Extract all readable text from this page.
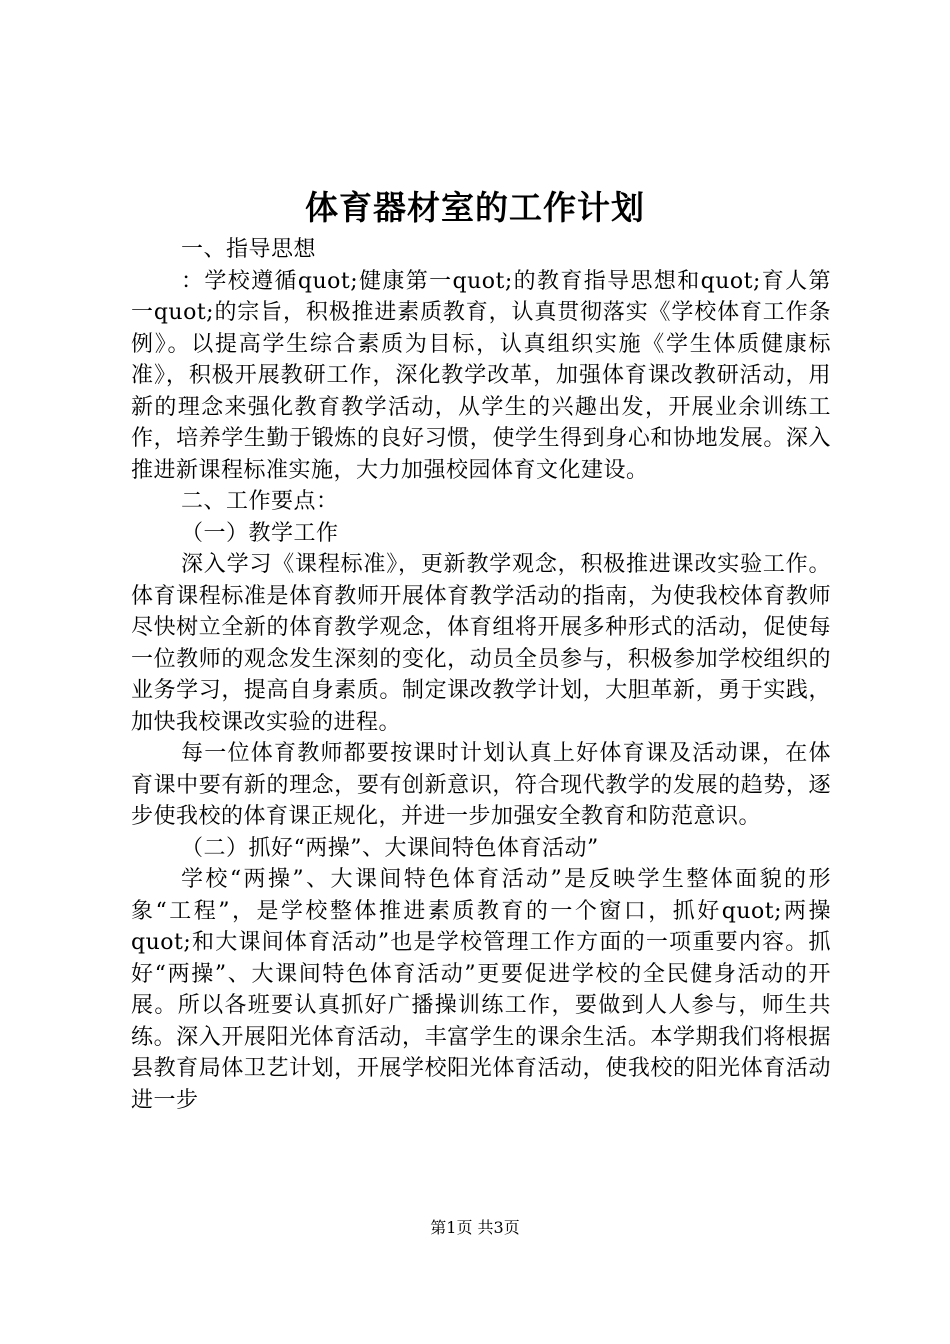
体育器材室的工作计划

一、指导思想

：学校遵循quot;健康第一quot;的教育指导思想和quot;育人第一quot;的宗旨，积极推进素质教育，认真贯彻落实《学校体育工作条例》。以提高学生综合素质为目标，认真组织实施《学生体质健康标准》，积极开展教研工作，深化教学改革，加强体育课改教研活动，用新的理念来强化教育教学活动，从学生的兴趣出发，开展业余训练工作，培养学生勤于锻炼的良好习惯，使学生得到身心和协地发展。深入推进新课程标准实施，大力加强校园体育文化建设。

二、工作要点：

（一）教学工作

深入学习《课程标准》，更新教学观念，积极推进课改实验工作。体育课程标准是体育教师开展体育教学活动的指南，为使我校体育教师尽快树立全新的体育教学观念，体育组将开展多种形式的活动，促使每一位教师的观念发生深刻的变化，动员全员参与，积极参加学校组织的业务学习，提高自身素质。制定课改教学计划，大胆革新，勇于实践，加快我校课改实验的进程。

每一位体育教师都要按课时计划认真上好体育课及活动课，在体育课中要有新的理念，要有创新意识，符合现代教学的发展的趋势，逐步使我校的体育课正规化，并进一步加强安全教育和防范意识。

（二）抓好“两操”、大课间特色体育活动”

学校“两操”、大课间特色体育活动”是反映学生整体面貌的形象“工程”，是学校整体推进素质教育的一个窗口，抓好quot;两操quot;和大课间体育活动”也是学校管理工作方面的一项重要内容。抓好“两操”、大课间特色体育活动”更要促进学校的全民健身活动的开展。所以各班要认真抓好广播操训练工作，要做到人人参与，师生共练。深入开展阳光体育活动，丰富学生的课余生活。本学期我们将根据县教育局体卫艺计划，开展学校阳光体育活动，使我校的阳光体育活动进一步

第1页 共3页
